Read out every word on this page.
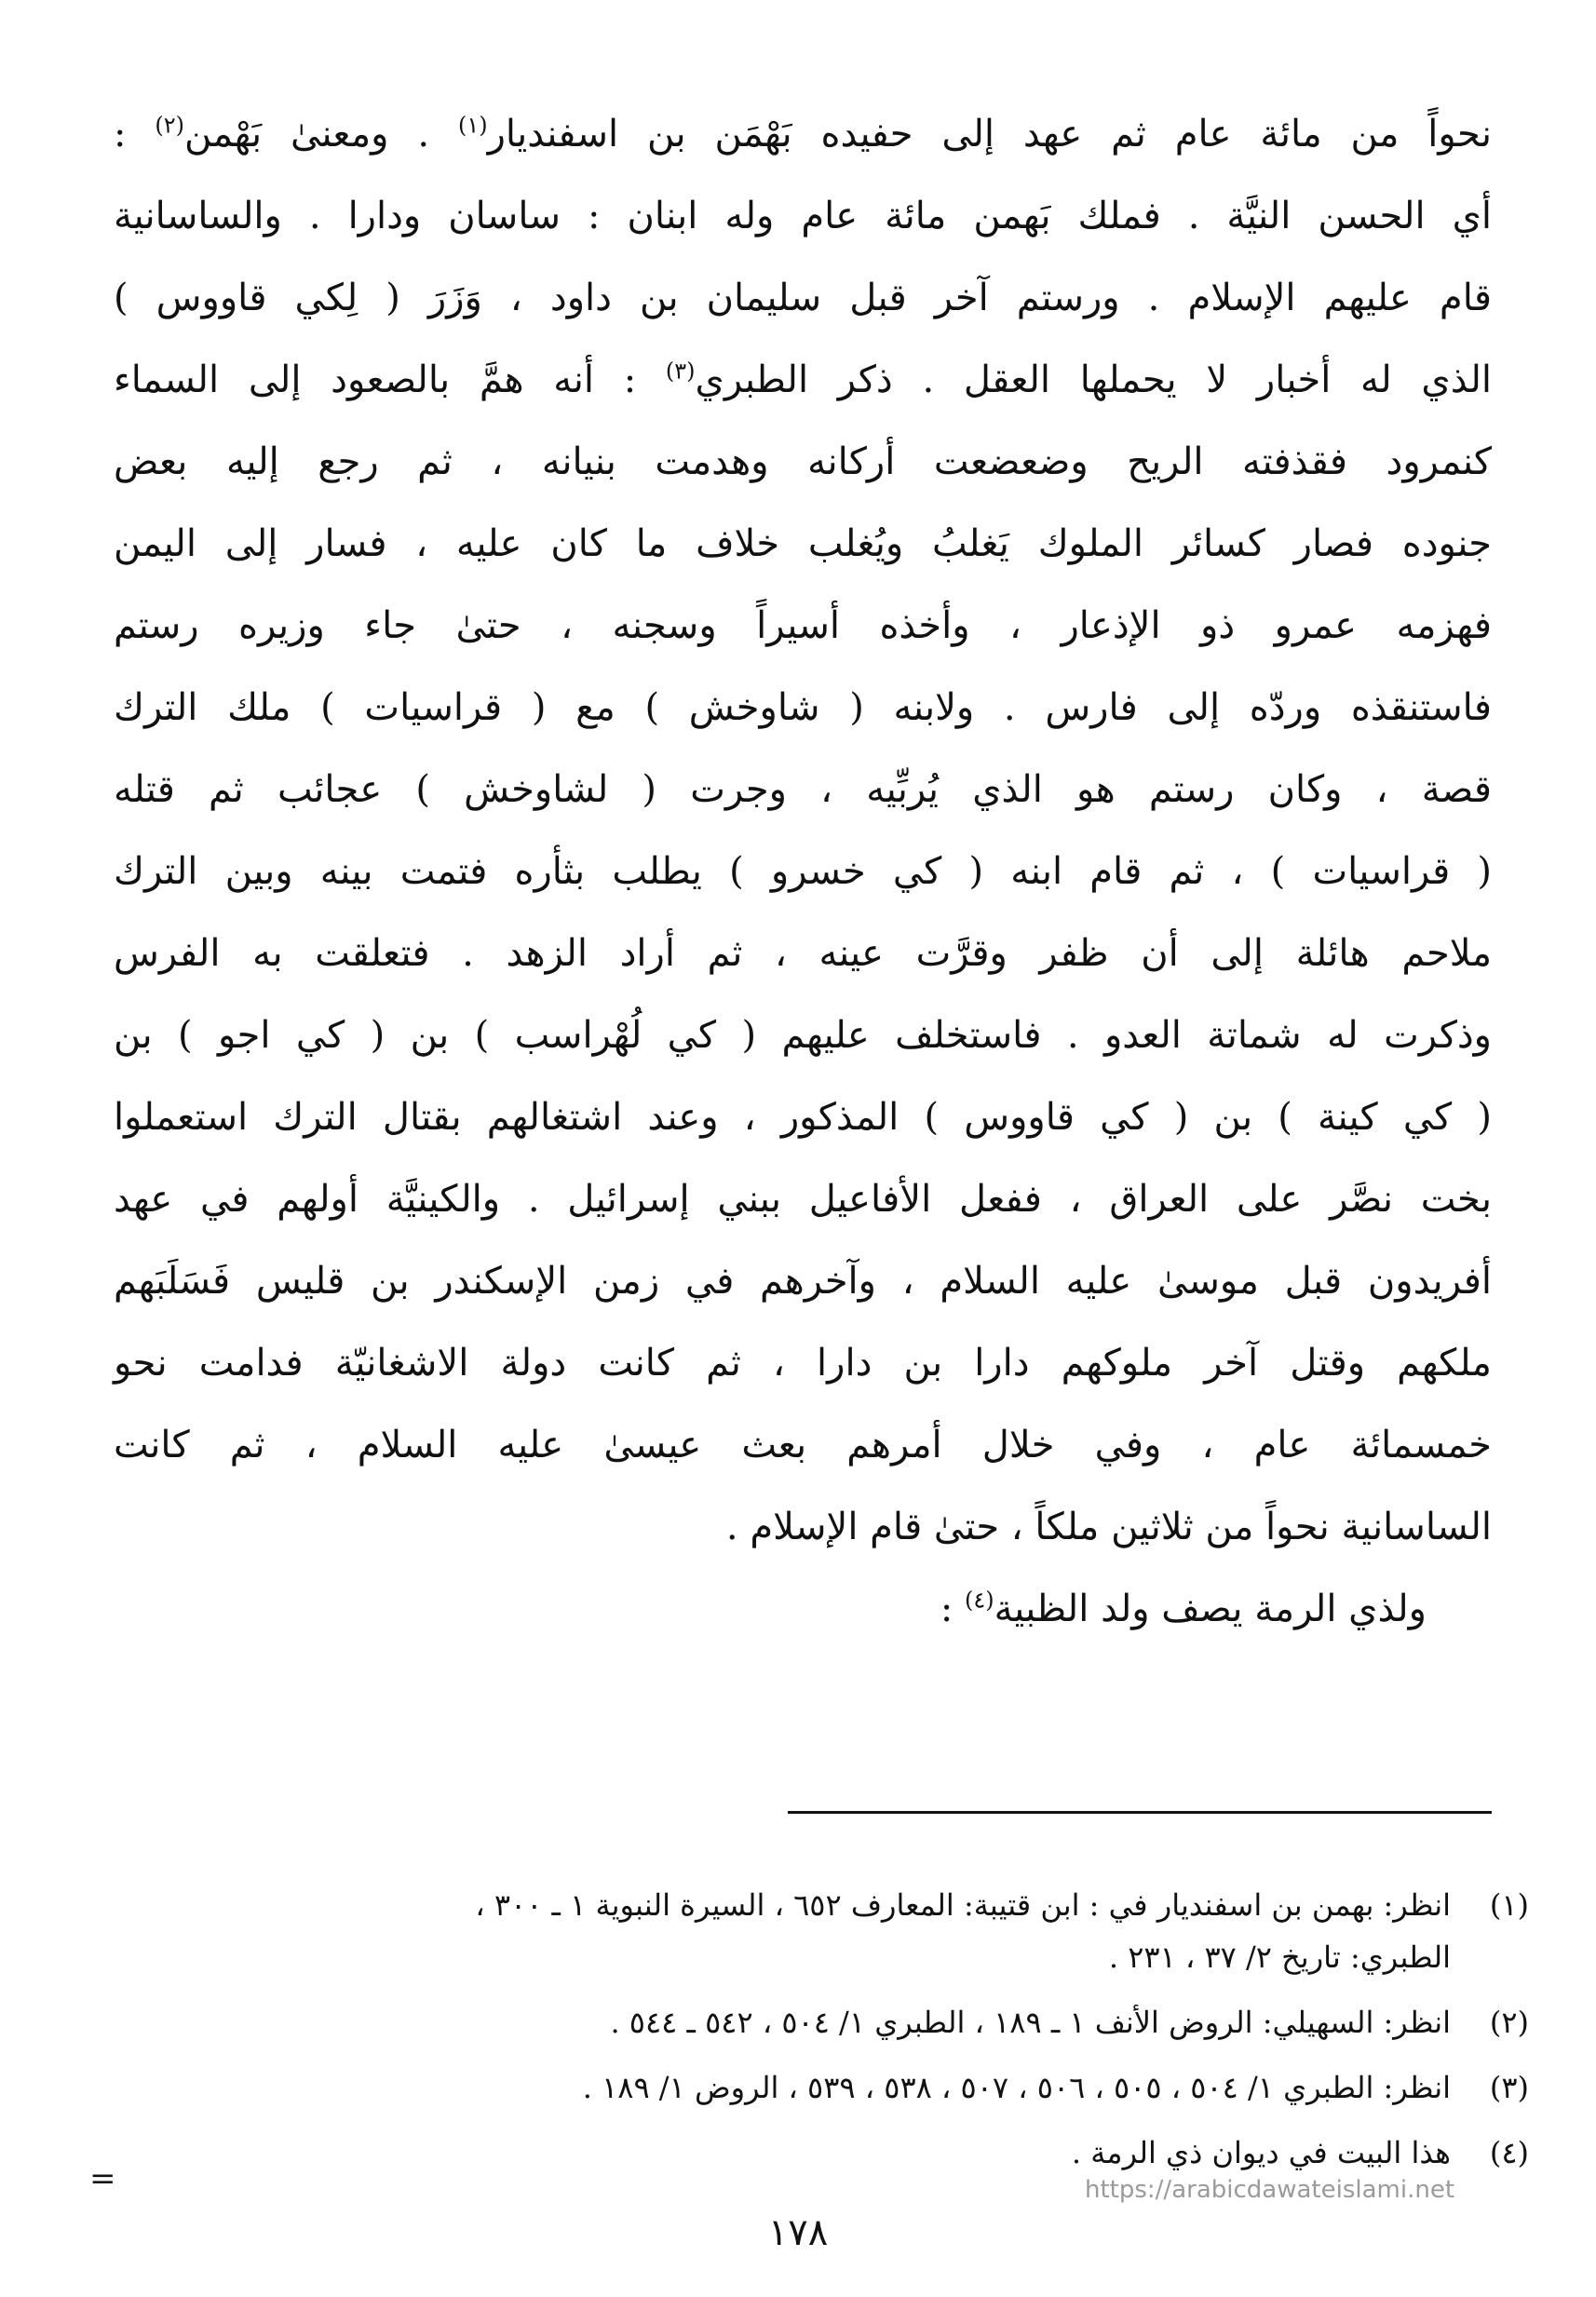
نحواً من مائة عام ثم عهد إلى حفيده بَهْمَن بن اسفنديار$^{(١)}$ . ومعنىٰ بَهْمن$^{(٢)}$ :
أي الحسن النيَّة . فملك بَهمن مائة عام وله ابنان : ساسان ودارا . والساسانية
قام عليهم الإسلام . ورستم آخر قبل سليمان بن داود ، وَزَرَ ( لِكي قاووس )
الذي له أخبار لا يحملها العقل . ذكر الطبري$^{(٣)}$ : أنه همَّ بالصعود إلى السماء
كنمرود فقذفته الريح وضعضعت أركانه وهدمت بنيانه ، ثم رجع إليه بعض
جنوده فصار كسائر الملوك يَغلبُ ويُغلب خلاف ما كان عليه ، فسار إلى اليمن
فهزمه عمرو ذو الإذعار ، وأخذه أسيراً وسجنه ، حتىٰ جاء وزيره رستم
فاستنقذه وردّه إلى فارس . ولابنه ( شاوخش ) مع ( قراسيات ) ملك الترك
قصة ، وكان رستم هو الذي يُربِّيه ، وجرت ( لشاوخش ) عجائب ثم قتله
( قراسيات ) ، ثم قام ابنه ( كي خسرو ) يطلب بثأره فتمت بينه وبين الترك
ملاحم هائلة إلى أن ظفر وقرَّت عينه ، ثم أراد الزهد . فتعلقت به الفرس
وذكرت له شماتة العدو . فاستخلف عليهم ( كي لُهْراسب ) بن ( كي اجو ) بن
( كي كينة ) بن ( كي قاووس ) المذكور ، وعند اشتغالهم بقتال الترك استعملوا
بخت نصَّر على العراق ، ففعل الأفاعيل ببني إسرائيل . والكينيَّة أولهم في عهد
أفريدون قبل موسىٰ عليه السلام ، وآخرهم في زمن الإسكندر بن قليس فَسَلَبَهم
ملكهم وقتل آخر ملوكهم دارا بن دارا ، ثم كانت دولة الاشغانيّة فدامت نحو
خمسمائة عام ، وفي خلال أمرهم بعث عيسىٰ عليه السلام ، ثم كانت
الساسانية نحواً من ثلاثين ملكاً ، حتىٰ قام الإسلام .
ولذي الرمة يصف ولد الظبية$^{(٤)}$ :
(١)
انظر: بهمن بن اسفنديار في : ابن قتيبة: المعارف ٦٥٢ ، السيرة النبوية ١ ـ ٣٠٠ ،
الطبري: تاريخ ٢/ ٣٧ ، ٢٣١ .
(٢)
انظر: السهيلي: الروض الأنف ١ ـ ١٨٩ ، الطبري ١/ ٥٠٤ ، ٥٤٢ ـ ٥٤٤ .
(٣)
انظر: الطبري ١/ ٥٠٤ ، ٥٠٥ ، ٥٠٦ ، ٥٠٧ ، ٥٣٨ ، ٥٣٩ ، الروض ١/ ١٨٩ .
(٤)
هذا البيت في ديوان ذي الرمة .
=	https://arabicdawateislami.net
١٧٨
